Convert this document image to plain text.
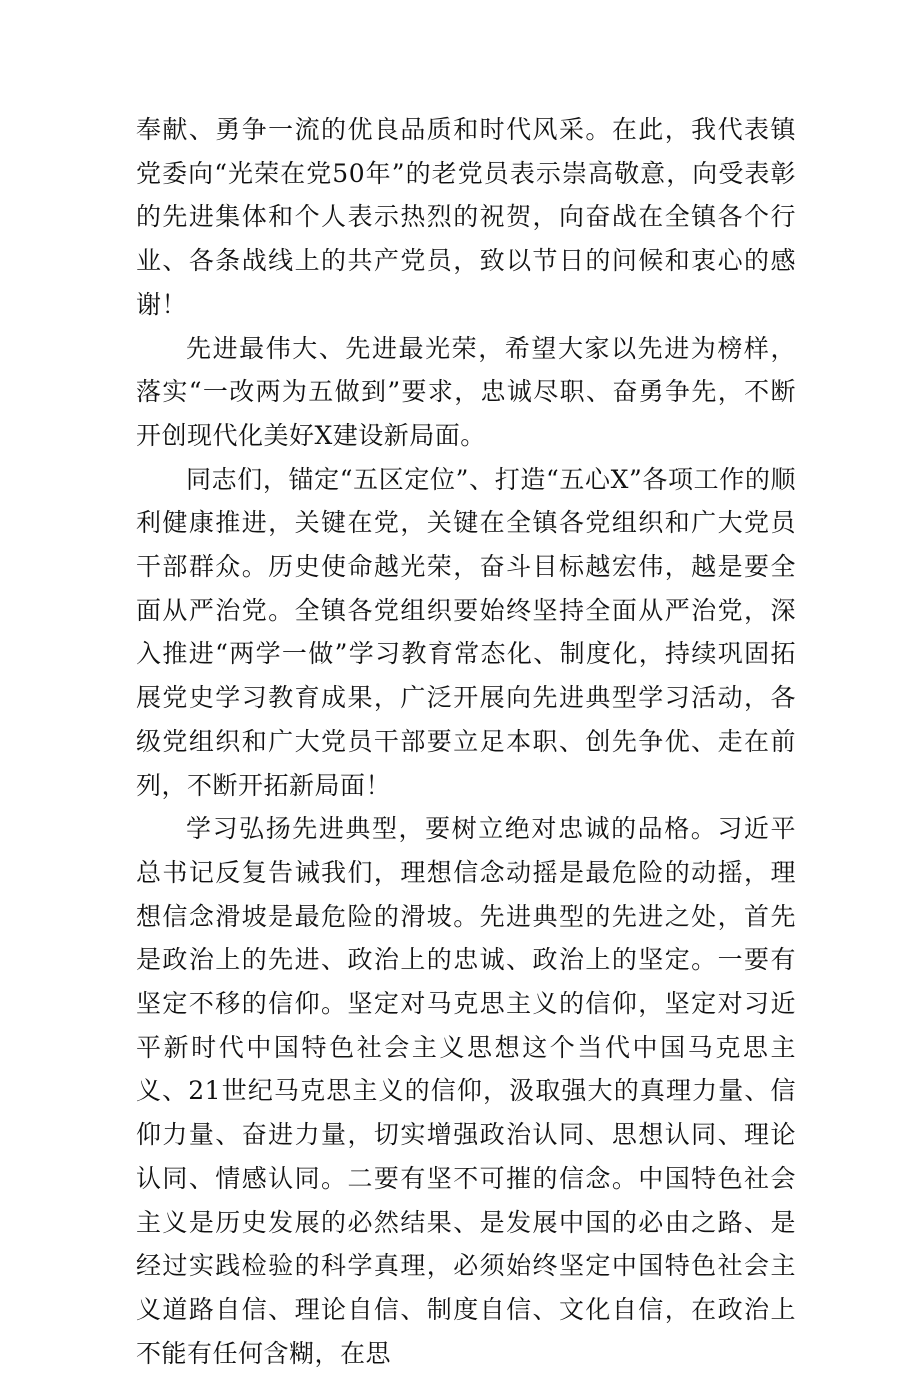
奉献、勇争一流的优良品质和时代风采。在此，我代表镇党委向“光荣在党50年”的老党员表示崇高敬意，向受表彰的先进集体和个人表示热烈的祝贺，向奋战在全镇各个行业、各条战线上的共产党员，致以节日的问候和衷心的感谢！

先进最伟大、先进最光荣，希望大家以先进为榜样，落实“一改两为五做到”要求，忠诚尽职、奋勇争先，不断开创现代化美好X建设新局面。

同志们，锚定“五区定位”、打造“五心X”各项工作的顺利健康推进，关键在党，关键在全镇各党组织和广大党员干部群众。历史使命越光荣，奋斗目标越宏伟，越是要全面从严治党。全镇各党组织要始终坚持全面从严治党，深入推进“两学一做”学习教育常态化、制度化，持续巩固拓展党史学习教育成果，广泛开展向先进典型学习活动，各级党组织和广大党员干部要立足本职、创先争优、走在前列，不断开拓新局面！

学习弘扬先进典型，要树立绝对忠诚的品格。习近平总书记反复告诫我们，理想信念动摇是最危险的动摇，理想信念滑坡是最危险的滑坡。先进典型的先进之处，首先是政治上的先进、政治上的忠诚、政治上的坚定。一要有坚定不移的信仰。坚定对马克思主义的信仰，坚定对习近平新时代中国特色社会主义思想这个当代中国马克思主义、21世纪马克思主义的信仰，汲取强大的真理力量、信仰力量、奋进力量，切实增强政治认同、思想认同、理论认同、情感认同。二要有坚不可摧的信念。中国特色社会主义是历史发展的必然结果、是发展中国的必由之路、是经过实践检验的科学真理，必须始终坚定中国特色社会主义道路自信、理论自信、制度自信、文化自信，在政治上不能有任何含糊，在思
